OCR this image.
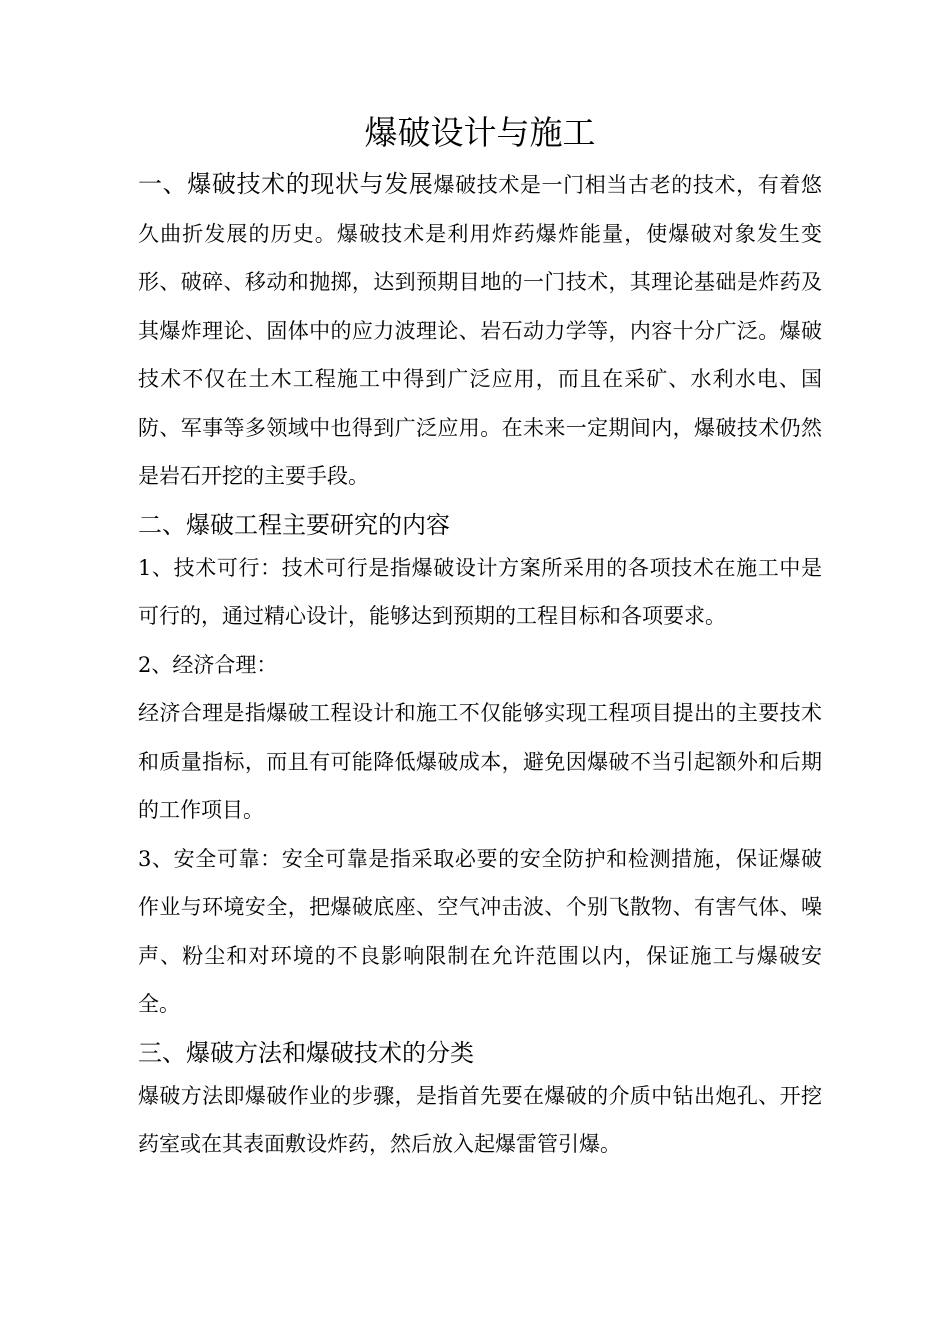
爆破设计与施工

一、爆破技术的现状与发展爆破技术是一门相当古老的技术，有着悠久曲折发展的历史。爆破技术是利用炸药爆炸能量，使爆破对象发生变形、破碎、移动和抛掷，达到预期目地的一门技术，其理论基础是炸药及其爆炸理论、固体中的应力波理论、岩石动力学等，内容十分广泛。爆破技术不仅在土木工程施工中得到广泛应用，而且在采矿、水利水电、国防、军事等多领域中也得到广泛应用。在未来一定期间内，爆破技术仍然是岩石开挖的主要手段。

二、爆破工程主要研究的内容

1、技术可行：技术可行是指爆破设计方案所采用的各项技术在施工中是可行的，通过精心设计，能够达到预期的工程目标和各项要求。

2、经济合理：

经济合理是指爆破工程设计和施工不仅能够实现工程项目提出的主要技术和质量指标，而且有可能降低爆破成本，避免因爆破不当引起额外和后期的工作项目。

3、安全可靠：安全可靠是指采取必要的安全防护和检测措施，保证爆破作业与环境安全，把爆破底座、空气冲击波、个别飞散物、有害气体、噪声、粉尘和对环境的不良影响限制在允许范围以内，保证施工与爆破安全。

三、爆破方法和爆破技术的分类

爆破方法即爆破作业的步骤，是指首先要在爆破的介质中钻出炮孔、开挖药室或在其表面敷设炸药，然后放入起爆雷管引爆。
